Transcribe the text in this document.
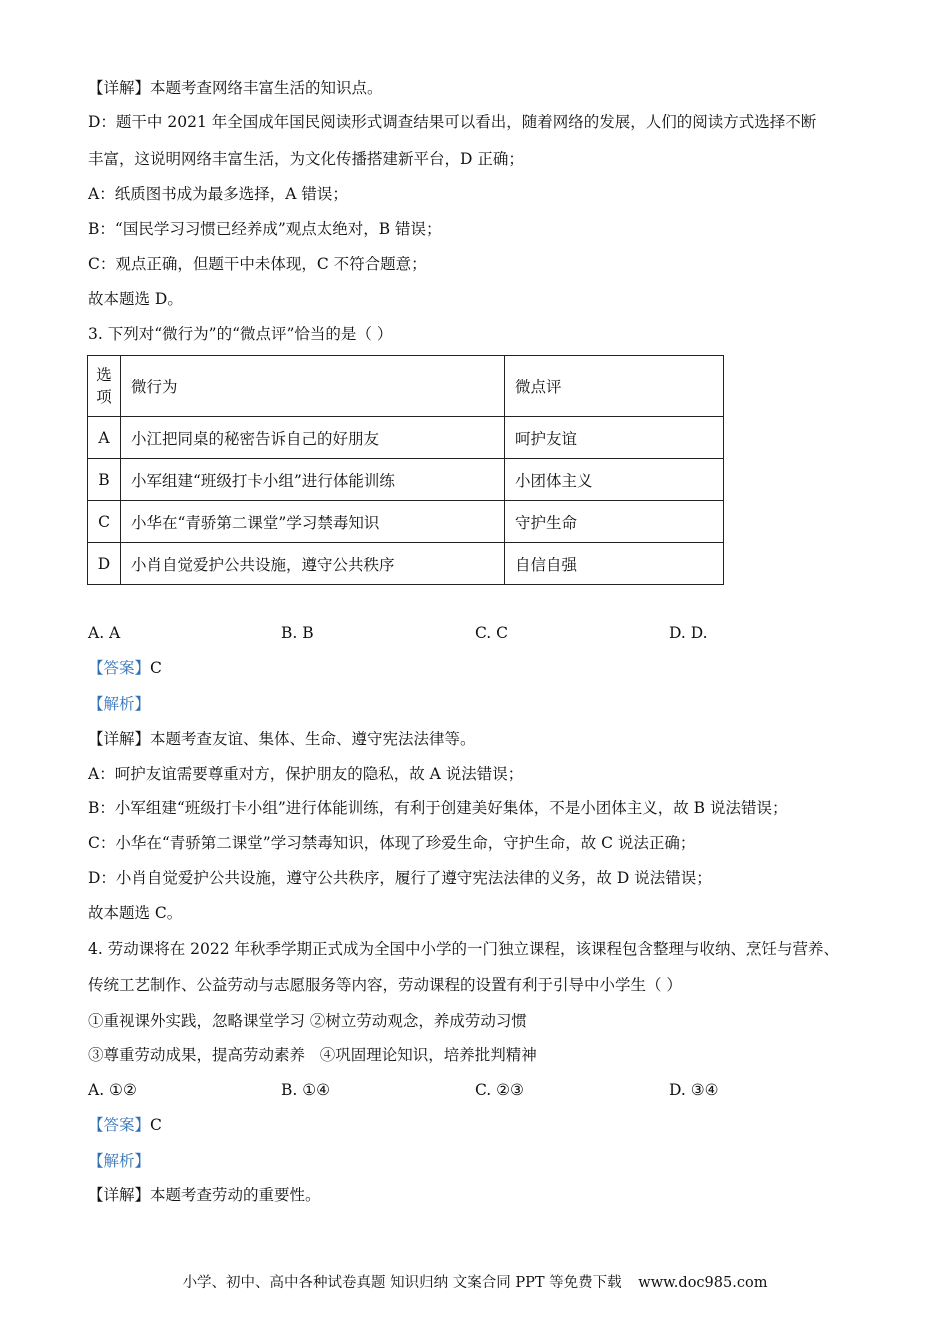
【详解】本题考查网络丰富生活的知识点。
D：题干中 2021 年全国成年国民阅读形式调查结果可以看出，随着网络的发展，人们的阅读方式选择不断
丰富，这说明网络丰富生活，为文化传播搭建新平台，D 正确；
A：纸质图书成为最多选择，A 错误；
B：“国民学习习惯已经养成”观点太绝对，B 错误；
C：观点正确，但题干中未体现，C 不符合题意；
故本题选 D。
3. 下列对“微行为”的“微点评”恰当的是（ ）
选
项	微行为	微点评
A	小江把同桌的秘密告诉自己的好朋友	呵护友谊
B	小军组建“班级打卡小组”进行体能训练	小团体主义
C	小华在“青骄第二课堂”学习禁毒知识	守护生命
D	小肖自觉爱护公共设施，遵守公共秩序	自信自强
A. A	B. B	C. C	D. D.
【答案】C
【解析】
【详解】本题考查友谊、集体、生命、遵守宪法法律等。
A：呵护友谊需要尊重对方，保护朋友的隐私，故 A 说法错误；
B：小军组建“班级打卡小组”进行体能训练，有利于创建美好集体，不是小团体主义，故 B 说法错误；
C：小华在“青骄第二课堂”学习禁毒知识，体现了珍爱生命，守护生命，故 C 说法正确；
D：小肖自觉爱护公共设施，遵守公共秩序，履行了遵守宪法法律的义务，故 D 说法错误；
故本题选 C。
4. 劳动课将在 2022 年秋季学期正式成为全国中小学的一门独立课程，该课程包含整理与收纳、烹饪与营养、
传统工艺制作、公益劳动与志愿服务等内容，劳动课程的设置有利于引导中小学生（ ）
①重视课外实践，忽略课堂学习 ②树立劳动观念，养成劳动习惯
③尊重劳动成果，提高劳动素养   ④巩固理论知识，培养批判精神
A. ①②	B. ①④	C. ②③	D. ③④
【答案】C
【解析】
【详解】本题考查劳动的重要性。
小学、初中、高中各种试卷真题 知识归纳 文案合同 PPT 等免费下载 www.doc985.com
